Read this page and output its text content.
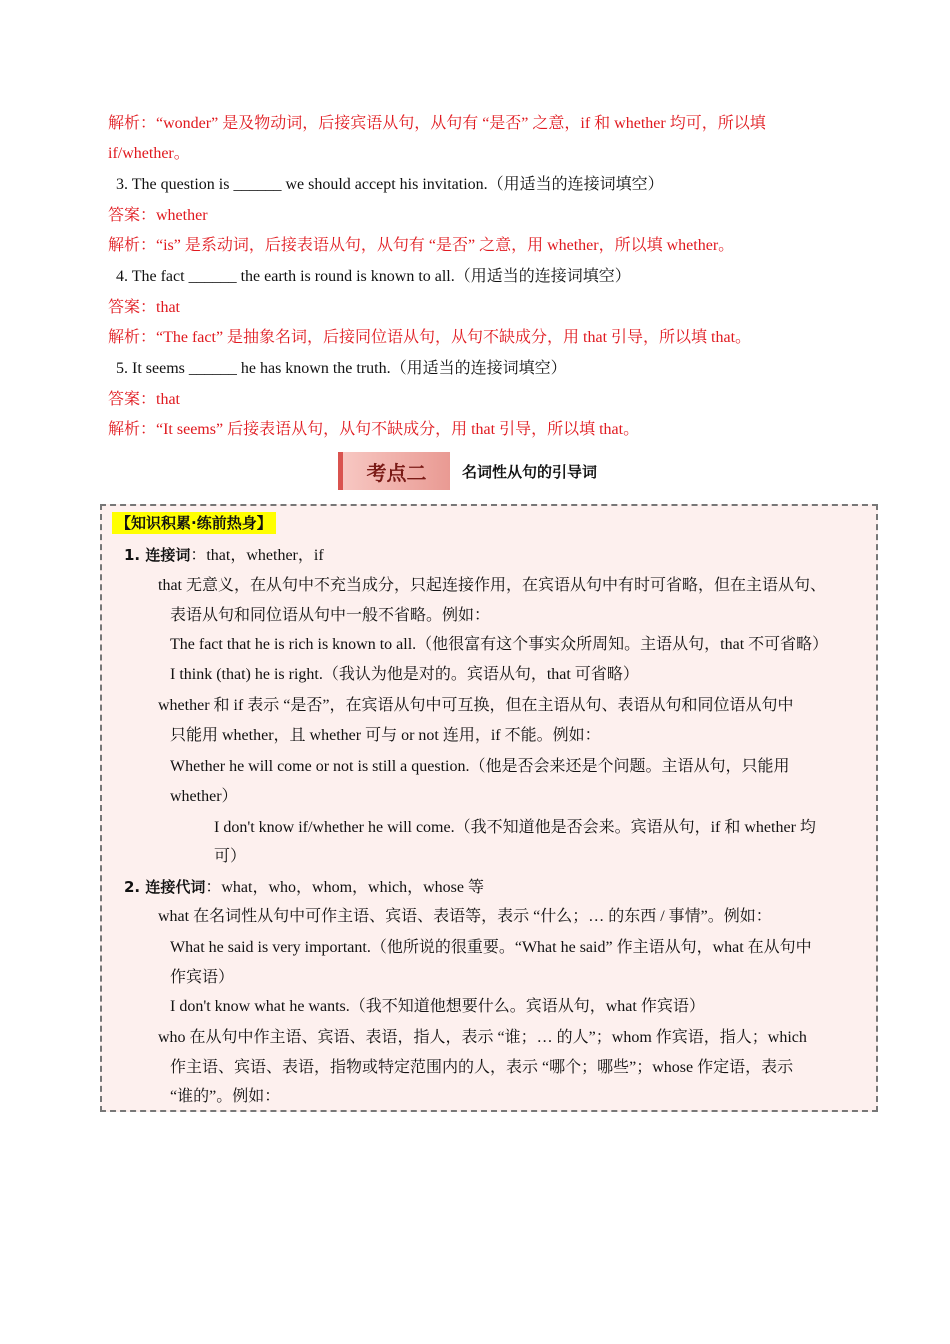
解析：“wonder” 是及物动词，后接宾语从句，从句有 “是否” 之意，if 和 whether 均可，所以填
if/whether。
3. The question is ______ we should accept his invitation.（用适当的连接词填空）
答案：whether
解析：“is” 是系动词，后接表语从句，从句有 “是否” 之意，用 whether，所以填 whether。
4. The fact ______ the earth is round is known to all.（用适当的连接词填空）
答案：that
解析：“The fact” 是抽象名词，后接同位语从句，从句不缺成分，用 that 引导，所以填 that。
5. It seems ______ he has known the truth.（用适当的连接词填空）
答案：that
解析：“It seems” 后接表语从句，从句不缺成分，用 that 引导，所以填 that。
考点二	名词性从句的引导词
【知识积累·练前热身】
1. 连接词：that，whether，if
that 无意义，在从句中不充当成分，只起连接作用，在宾语从句中有时可省略，但在主语从句、
表语从句和同位语从句中一般不省略。例如：
The fact that he is rich is known to all.（他很富有这个事实众所周知。主语从句，that 不可省略）
I think (that) he is right.（我认为他是对的。宾语从句，that 可省略）
whether 和 if 表示 “是否”，在宾语从句中可互换，但在主语从句、表语从句和同位语从句中
只能用 whether，且 whether 可与 or not 连用，if 不能。例如：
Whether he will come or not is still a question.（他是否会来还是个问题。主语从句，只能用
whether）
I don't know if/whether he will come.（我不知道他是否会来。宾语从句，if 和 whether 均
可）
2. 连接代词：what，who，whom，which，whose 等
what 在名词性从句中可作主语、宾语、表语等，表示 “什么；… 的东西 / 事情”。例如：
What he said is very important.（他所说的很重要。“What he said” 作主语从句，what 在从句中
作宾语）
I don't know what he wants.（我不知道他想要什么。宾语从句，what 作宾语）
who 在从句中作主语、宾语、表语，指人，表示 “谁；… 的人”；whom 作宾语，指人；which
作主语、宾语、表语，指物或特定范围内的人，表示 “哪个；哪些”；whose 作定语，表示
“谁的”。例如：
